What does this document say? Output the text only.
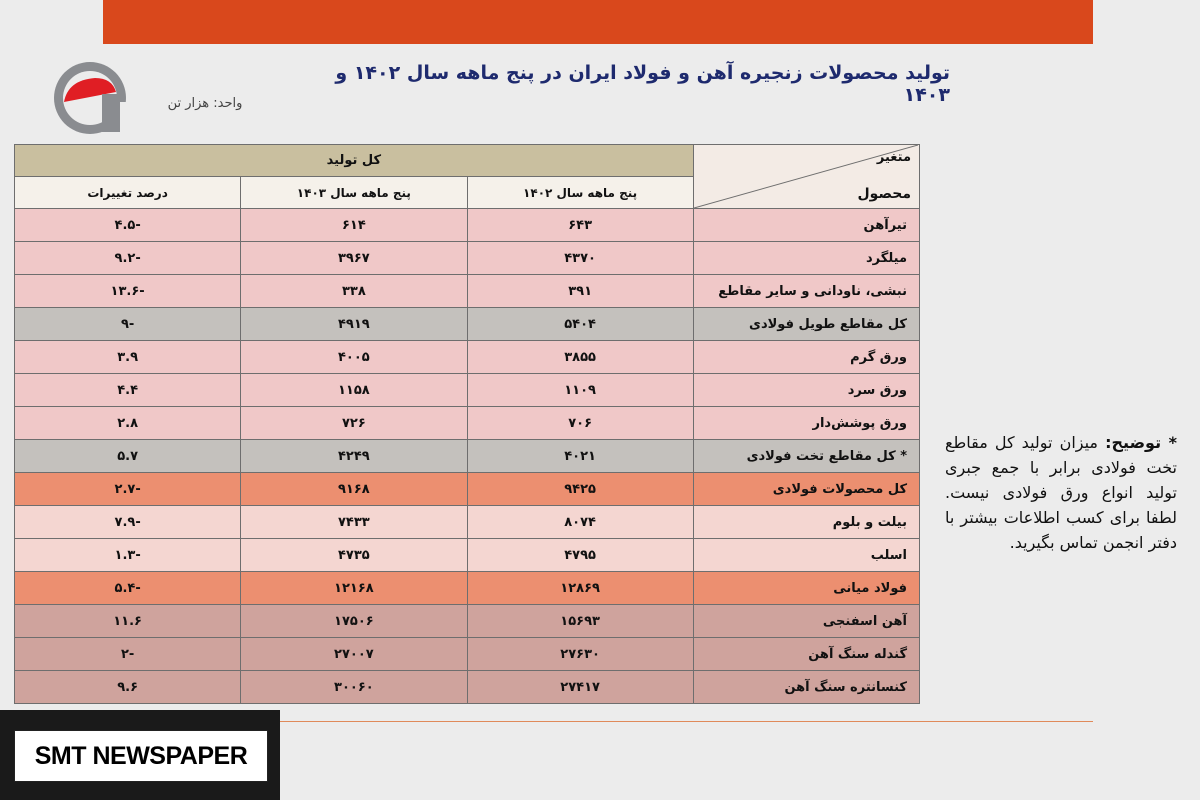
تولید محصولات زنجیره آهن و فولاد ایران در پنج ماهه سال ۱۴۰۲ و ۱۴۰۳
واحد: هزار تن
متغیر
محصول	کل تولید		
	پنج ماهه سال ۱۴۰۲	پنج ماهه سال ۱۴۰۳	درصد تغییرات
تیرآهن	۶۴۳	۶۱۴	-۴.۵
میلگرد	۴۳۷۰	۳۹۶۷	-۹.۲
نبشی، ناودانی و سایر مقاطع	۳۹۱	۳۳۸	-۱۳.۶
کل مقاطع طویل فولادی	۵۴۰۴	۴۹۱۹	-۹
ورق گرم	۳۸۵۵	۴۰۰۵	۳.۹
ورق سرد	۱۱۰۹	۱۱۵۸	۴.۴
ورق پوشش‌دار	۷۰۶	۷۲۶	۲.۸
* کل مقاطع تخت فولادی	۴۰۲۱	۴۲۴۹	۵.۷
کل محصولات فولادی	۹۴۲۵	۹۱۶۸	-۲.۷
بیلت و بلوم	۸۰۷۴	۷۴۳۳	-۷.۹
اسلب	۴۷۹۵	۴۷۳۵	-۱.۳
فولاد میانی	۱۲۸۶۹	۱۲۱۶۸	-۵.۴
آهن اسفنجی	۱۵۶۹۳	۱۷۵۰۶	۱۱.۶
گندله سنگ آهن	۲۷۶۳۰	۲۷۰۰۷	-۲
کنسانتره سنگ آهن	۲۷۴۱۷	۳۰۰۶۰	۹.۶
* توضیح: میزان تولید کل مقاطع تخت فولادی برابر با جمع جبری تولید انواع ورق فولادی نیست. لطفا برای کسب اطلاعات بیشتر با دفتر انجمن تماس بگیرید.
SMT NEWSPAPER
